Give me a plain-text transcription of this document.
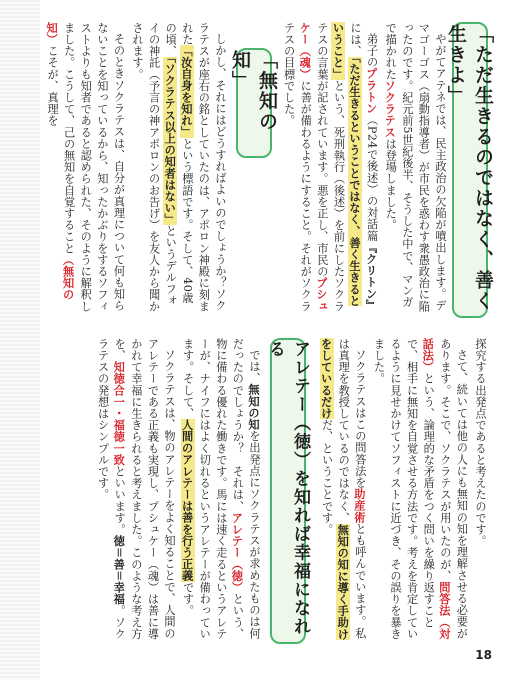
「ただ生きるのではなく、善く生きよ」

やがてアテネでは、民主政治の欠陥が噴出します。デマゴーゴス（扇動指導者）が市民を惑わす衆愚政治に陥ったのです。紀元前5世紀後半、そうした中で、マンガで描かれたソクラテスは登場しました。

弟子のプラトン（P24で後述）の対話篇『クリトン』には、「ただ生きるということではなく、善く生きるということ」という、死刑執行（後述）を前にしたソクラテスの言葉が記されています。悪を正し、市民のプシュケー（魂）に善が備わるようにすること。それがソクラテスの目標でした。

「無知の知」

しかし、それにはどうすればよいのでしょうか？ソクラテスが座右の銘としていたのは、アポロン神殿に刻まれた「汝自身を知れ」という標語です。そして、40歳の頃、「ソクラテス以上の知者はない」というデルフォイの神託（予言の神アポロンのお告げ）を友人から聞かされます。

そのときソクラテスは、自分が真理について何も知らないことを知っているから、知ったかぶりをするソフィストよりも知者であると認められた、そのように解釈しました。こうして、己の無知を自覚すること（無知の知）こそが、真理を

探究する出発点であると考えたのです。

さて、続いては他の人にも無知の知を理解させる必要があります。そこで、ソクラテスが用いたのが、問答法（対話法）という、論理的な矛盾をつく問いを繰り返すことで、相手に無知を自覚させる方法です。考えを肯定しているように見せかけてソフィストに近づき、その誤りを暴きました。

ソクラテスはこの問答法を助産術とも呼んでいます。私は真理を教授しているのではなく、無知の知に導く手助けをしているだけだ、ということです。

アレテー（徳）を知れば幸福になれる

では、無知の知を出発点にソクラテスが求めたものは何だったのでしょうか？　それは、アレテー（徳）という、物に備わる優れた働きです。馬には速く走るというアレテーが、ナイフにはよく切れるというアレテーが備わっています。そして、人間のアレテーは善を行う正義です。

ソクラテスは、物のアレテーをよく知ることで、人間のアレテーである正義も実現し、プシュケー（魂）は善に導かれて幸福に生きられると考えました。このような考え方を、知徳合一・福徳一致といいます。徳＝善＝幸福。ソクラテスの発想はシンプルです。

18
